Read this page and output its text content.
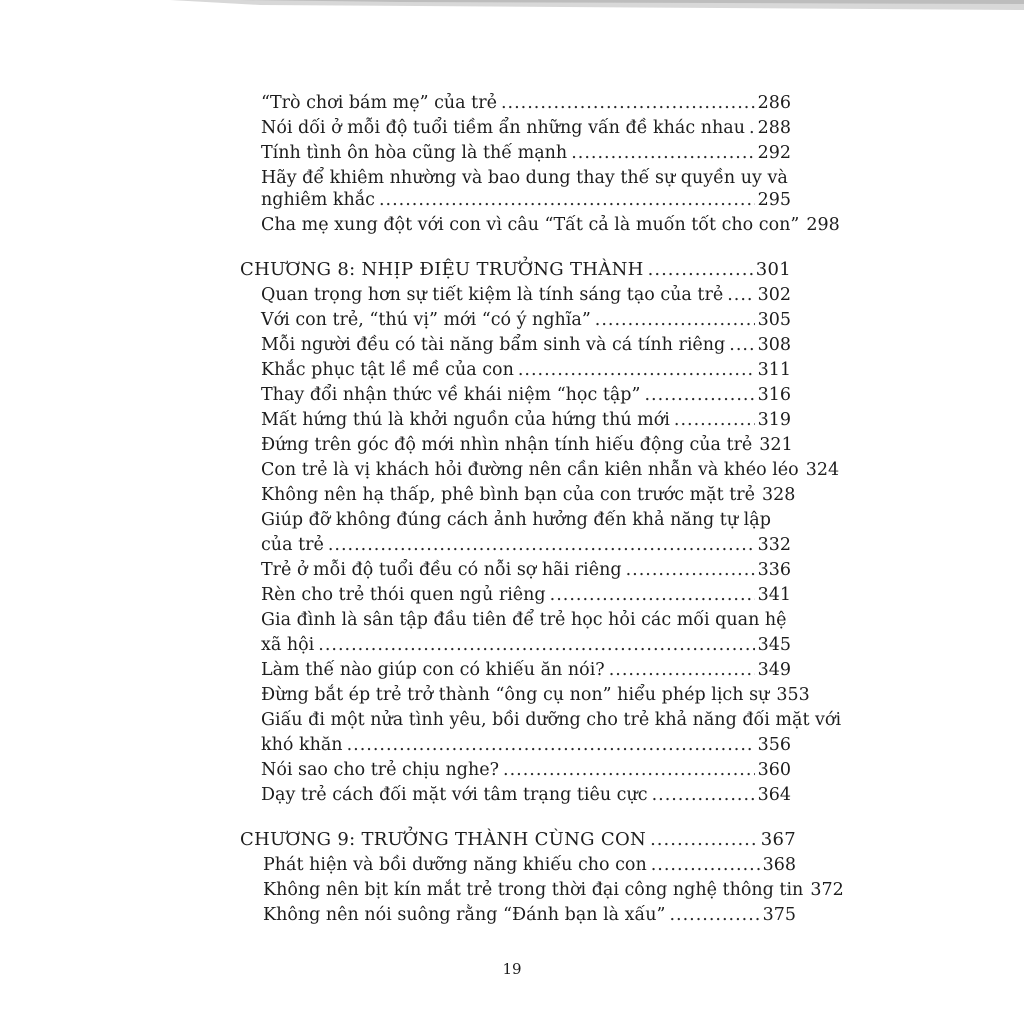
“Trò chơi bám mẹ” của trẻ .....	286
Nói dối ở mỗi độ tuổi tiềm ẩn những vấn đề khác nhau ..... 288
Tính tình ôn hòa cũng là thế mạnh .....	292
Hãy để khiêm nhường và bao dung thay thế sự quyền uy và
nghiêm khắc .....	295
Cha mẹ xung đột với con vì câu “Tất cả là muốn tốt cho con” 298
CHƯƠNG 8: NHỊP ĐIỆU TRƯỞNG THÀNH .....	301
Quan trọng hơn sự tiết kiệm là tính sáng tạo của trẻ ..... 302
Với con trẻ, “thú vị” mới “có ý nghĩa” .....	305
Mỗi người đều có tài năng bẩm sinh và cá tính riêng ..... 308
Khắc phục tật lề mề của con .....	311
Thay đổi nhận thức về khái niệm “học tập” .....	316
Mất hứng thú là khởi nguồn của hứng thú mới .....	319
Đứng trên góc độ mới nhìn nhận tính hiếu động của trẻ 321
Con trẻ là vị khách hỏi đường nên cần kiên nhẫn và khéo léo 324
Không nên hạ thấp, phê bình bạn của con trước mặt trẻ 328
Giúp đỡ không đúng cách ảnh hưởng đến khả năng tự lập
của trẻ .....	332
Trẻ ở mỗi độ tuổi đều có nỗi sợ hãi riêng .....	336
Rèn cho trẻ thói quen ngủ riêng .....	341
Gia đình là sân tập đầu tiên để trẻ học hỏi các mối quan hệ
xã hội .....	345
Làm thế nào giúp con có khiếu ăn nói? .....	349
Đừng bắt ép trẻ trở thành “ông cụ non” hiểu phép lịch sự 353
Giấu đi một nửa tình yêu, bồi dưỡng cho trẻ khả năng đối mặt với
khó khăn .....	356
Nói sao cho trẻ chịu nghe? .....	360
Dạy trẻ cách đối mặt với tâm trạng tiêu cực .....	364
CHƯƠNG 9: TRƯỞNG THÀNH CÙNG CON .....	367
Phát hiện và bồi dưỡng năng khiếu cho con .....	368
Không nên bịt kín mắt trẻ trong thời đại công nghệ thông tin 372
Không nên nói suông rằng “Đánh bạn là xấu” .....	375
19
